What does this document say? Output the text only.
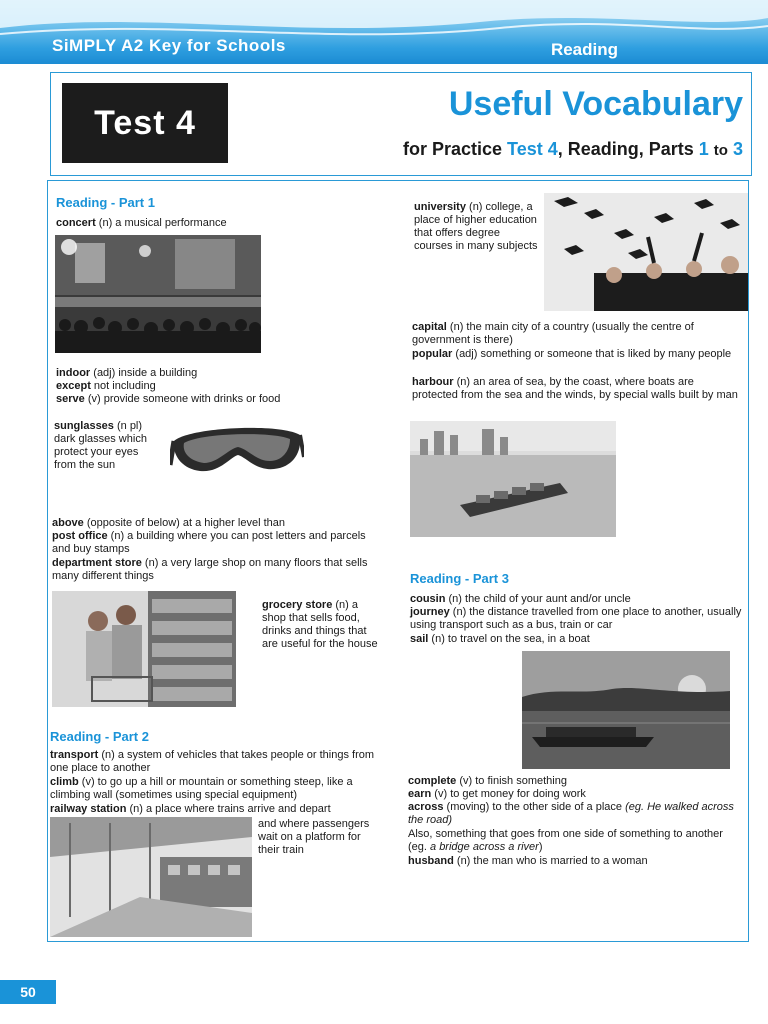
SiMPLY A2 Key for Schools	Reading
Test 4	Useful Vocabulary
for Practice Test 4, Reading, Parts 1 to 3
Reading - Part 1
concert (n) a musical performance
indoor (adj) inside a building
except not including
serve (v) provide someone with drinks or food
sunglasses (n pl) dark glasses which protect your eyes from the sun
above (opposite of below) at a higher level than
post office (n) a building where you can post letters and parcels and buy stamps
department store (n) a very large shop on many floors that sells many different things
grocery store (n) a shop that sells food, drinks and things that are useful for the house
Reading - Part 2
transport (n) a system of vehicles that takes people or things from one place to another
climb (v) to go up a hill or mountain or something steep, like a climbing wall (sometimes using special equipment)
railway station (n) a place where trains arrive and depart
and where passengers wait on a platform for their train
university (n) college, a place of higher education that offers degree courses in many subjects
capital (n) the main city of a country (usually the centre of government is there)
popular (adj) something or someone that is liked by many people
harbour (n) an area of sea, by the coast, where boats are protected from the sea and the winds, by special walls built by man
Reading - Part 3
cousin (n) the child of your aunt and/or uncle
journey (n) the distance travelled from one place to another, usually using transport such as a bus, train or car
sail (n) to travel on the sea, in a boat
complete (v) to finish something
earn (v) to get money for doing work
across (moving) to the other side of a place (eg. He walked across the road)
Also, something that goes from one side of something to another (eg. a bridge across a river)
husband (n) the man who is married to a woman
50
